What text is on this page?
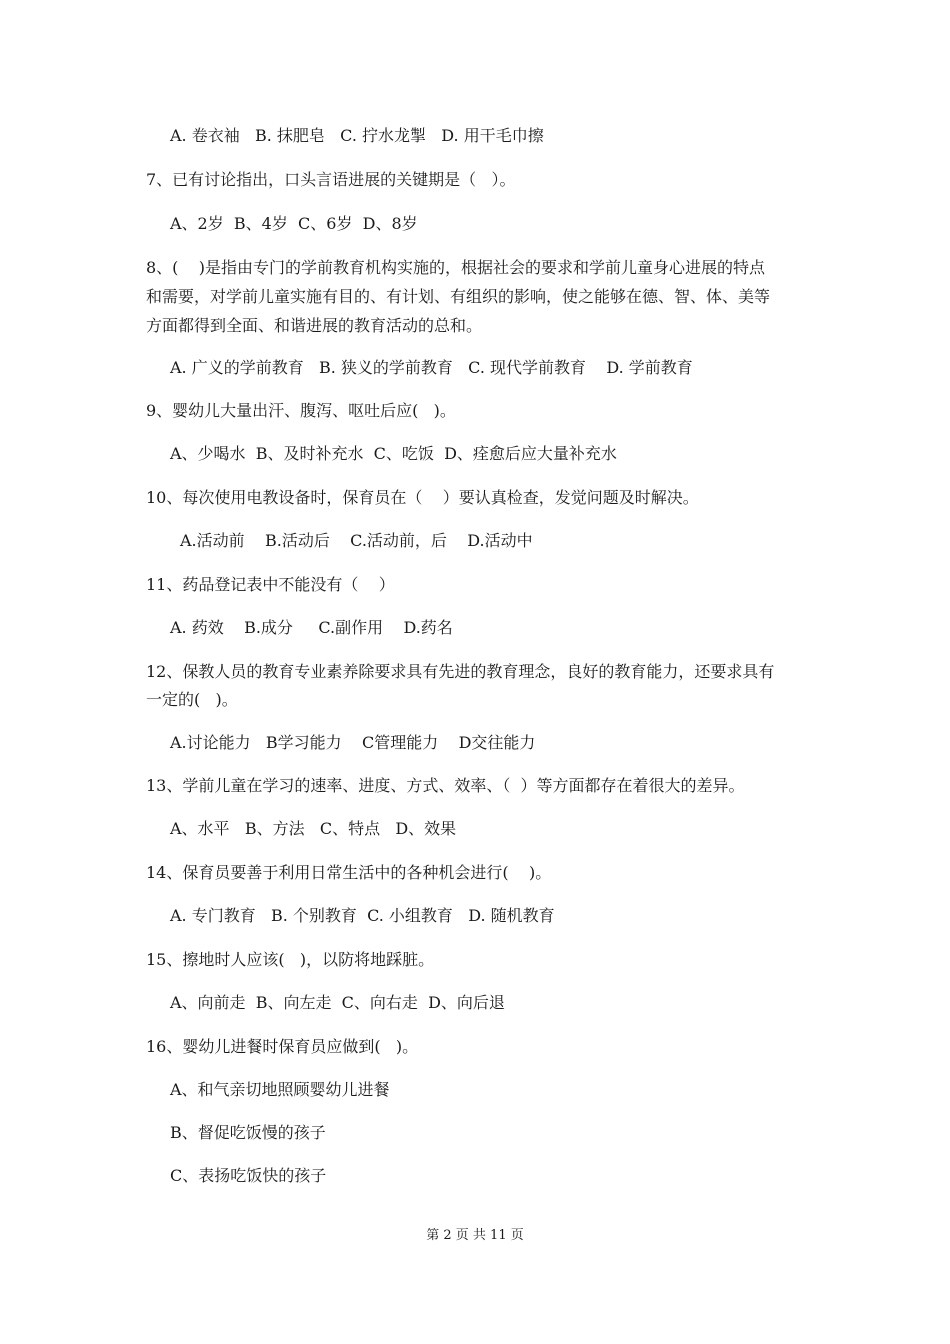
A. 卷衣袖   B. 抹肥皂   C. 拧水龙掣   D. 用干毛巾擦
7、已有讨论指出，口头言语进展的关键期是（   ）。
A、2岁  B、4岁  C、6岁  D、8岁
8、(    )是指由专门的学前教育机构实施的，根据社会的要求和学前儿童身心进展的特点
和需要，对学前儿童实施有目的、有计划、有组织的影响，使之能够在德、智、体、美等
方面都得到全面、和谐进展的教育活动的总和。
A. 广义的学前教育   B. 狭义的学前教育   C. 现代学前教育    D. 学前教育
9、婴幼儿大量出汗、腹泻、呕吐后应(   )。
A、少喝水  B、及时补充水  C、吃饭  D、痊愈后应大量补充水
10、每次使用电教设备时，保育员在（    ）要认真检查，发觉问题及时解决。
A.活动前    B.活动后    C.活动前，后    D.活动中
11、药品登记表中不能没有（    ）
A. 药效    B.成分     C.副作用    D.药名
12、保教人员的教育专业素养除要求具有先进的教育理念，良好的教育能力，还要求具有
一定的(   )。
A.讨论能力   B学习能力    C管理能力    D交往能力
13、学前儿童在学习的速率、进度、方式、效率、（  ）等方面都存在着很大的差异。
A、水平   B、方法   C、特点   D、效果
14、保育员要善于利用日常生活中的各种机会进行(    )。
A. 专门教育   B. 个别教育  C. 小组教育   D. 随机教育
15、擦地时人应该(   )，以防将地踩脏。
A、向前走  B、向左走  C、向右走  D、向后退
16、婴幼儿进餐时保育员应做到(   )。
A、和气亲切地照顾婴幼儿进餐
B、督促吃饭慢的孩子
C、表扬吃饭快的孩子
第 2 页 共 11 页
